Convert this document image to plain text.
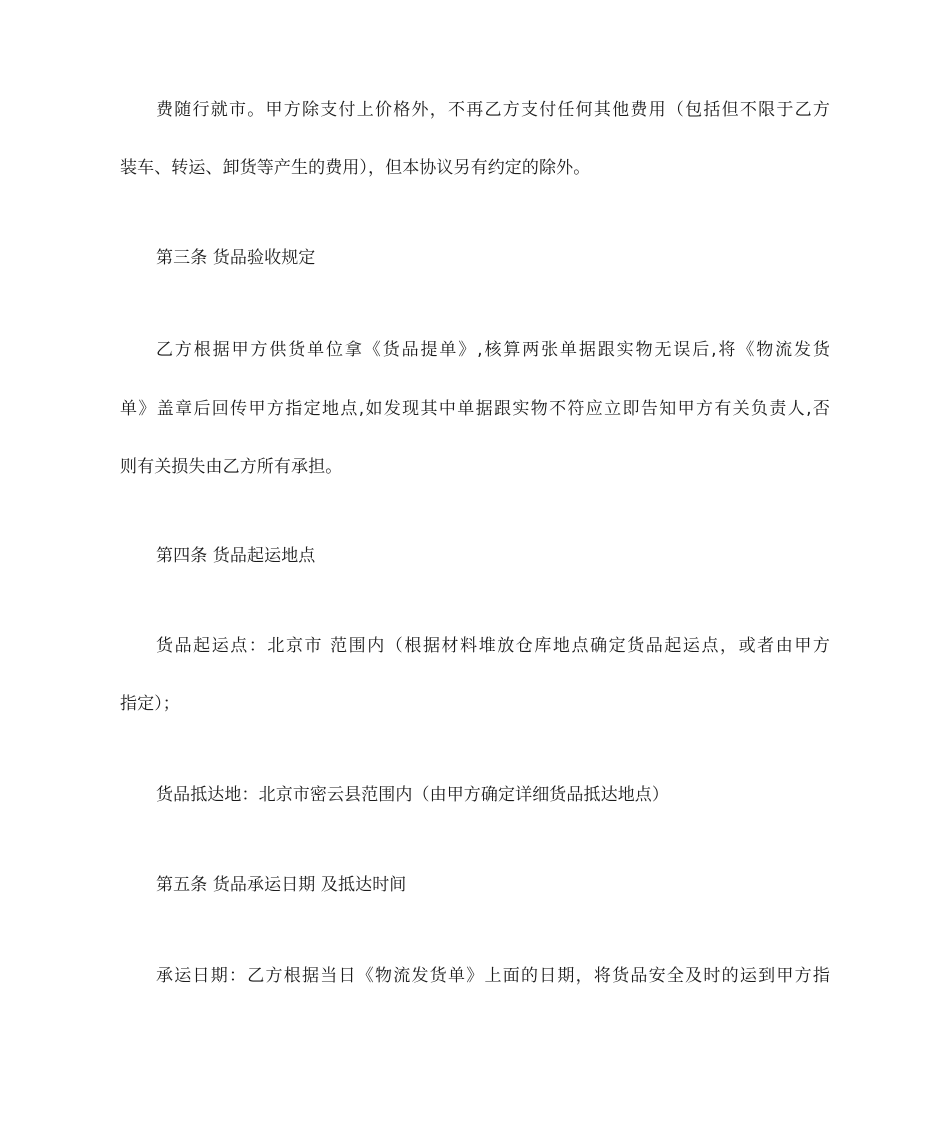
费随行就市。甲方除支付上价格外，不再乙方支付任何其他费用（包括但不限于乙方
装车、转运、卸货等产生的费用），但本协议另有约定的除外。
第三条 货品验收规定
乙方根据甲方供货单位拿《货品提单》,核算两张单据跟实物无误后,将《物流发货
单》盖章后回传甲方指定地点,如发现其中单据跟实物不符应立即告知甲方有关负责人,否
则有关损失由乙方所有承担。
第四条 货品起运地点
货品起运点：北京市 范围内（根据材料堆放仓库地点确定货品起运点，或者由甲方
指定）；
货品抵达地：北京市密云县范围内（由甲方确定详细货品抵达地点）
第五条 货品承运日期 及抵达时间
承运日期：乙方根据当日《物流发货单》上面的日期，将货品安全及时的运到甲方指
